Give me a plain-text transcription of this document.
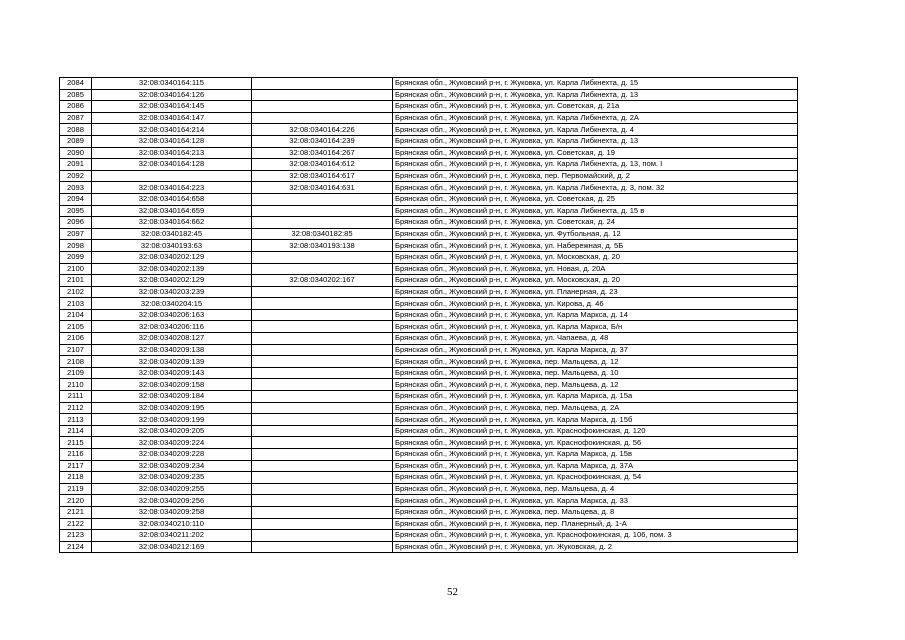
2084	32:08:0340164:115		Брянская обл., Жуковский р-н, г. Жуковка, ул. Карла Либкнехта, д. 15
2085	32:08:0340164:126		Брянская обл., Жуковский р-н, г. Жуковка, ул. Карла Либкнехта, д. 13
2086	32:08:0340164:145		Брянская обл., Жуковский р-н, г. Жуковка, ул. Советская, д. 21а
2087	32:08:0340164:147		Брянская обл., Жуковский р-н, г. Жуковка, ул. Карла Либкнехта, д. 2А
2088	32:08:0340164:214	32:08:0340164:226	Брянская обл., Жуковский р-н, г. Жуковка, ул. Карла Либкнехта, д. 4
2089	32:08:0340164:128	32:08:0340164:239	Брянская обл., Жуковский р-н, г. Жуковка, ул. Карла Либкнехта, д. 13
2090	32:08:0340164:213	32:08:0340164:267	Брянская обл., Жуковский р-н, г. Жуковка, ул. Советская, д. 19
2091	32:08:0340164:128	32:08:0340164:612	Брянская обл., Жуковский р-н, г. Жуковка, ул. Карла Либкнехта, д. 13, пом. I
2092		32:08:0340164:617	Брянская обл., Жуковский р-н, г. Жуковка, пер. Первомайский, д. 2
2093	32:08:0340164:223	32:08:0340164:631	Брянская обл., Жуковский р-н, г. Жуковка, ул. Карла Либкнехта, д. 3, пом. 32
2094	32:08:0340164:658		Брянская обл., Жуковский р-н, г. Жуковка, ул. Советская, д. 25
2095	32:08:0340164:659		Брянская обл., Жуковский р-н, г. Жуковка, ул. Карла Либкнехта, д. 15 в
2096	32:08:0340164:662		Брянская обл., Жуковский р-н, г. Жуковка, ул. Советская, д. 24
2097	32:08:0340182:45	32:08:0340182:85	Брянская обл., Жуковский р-н, г. Жуковка, ул. Футбольная, д. 12
2098	32:08:0340193:63	32:08:0340193:138	Брянская обл., Жуковский р-н, г. Жуковка, ул. Набережная, д. 5Б
2099	32:08:0340202:129		Брянская обл., Жуковский р-н, г. Жуковка, ул. Московская, д. 20
2100	32:08:0340202:139		Брянская обл., Жуковский р-н, г. Жуковка, ул. Новая, д. 20А
2101	32:08:0340202:129	32:08:0340202:167	Брянская обл., Жуковский р-н, г. Жуковка, ул. Московская, д. 20
2102	32:08:0340203:239		Брянская обл., Жуковский р-н, г. Жуковка, ул. Планерная, д. 23
2103	32:08:0340204:15		Брянская обл., Жуковский р-н, г. Жуковка, ул. Кирова, д. 46
2104	32:08:0340206:163		Брянская обл., Жуковский р-н, г. Жуковка, ул. Карла Маркса, д. 14
2105	32:08:0340206:116		Брянская обл., Жуковский р-н, г. Жуковка, ул. Карла Маркса, Б/н
2106	32:08:0340208:127		Брянская обл., Жуковский р-н, г. Жуковка, ул. Чапаева, д. 48
2107	32:08:0340209:138		Брянская обл., Жуковский р-н, г. Жуковка, ул. Карла Маркса, д. 37
2108	32:08:0340209:139		Брянская обл., Жуковский р-н, г. Жуковка, пер. Мальцева, д. 12
2109	32:08:0340209:143		Брянская обл., Жуковский р-н, г. Жуковка, пер. Мальцева, д. 10
2110	32:08:0340209:158		Брянская обл., Жуковский р-н, г. Жуковка, пер. Мальцева, д. 12
2111	32:08:0340209:184		Брянская обл., Жуковский р-н, г. Жуковка, ул. Карла Маркса, д. 15а
2112	32:08:0340209:195		Брянская обл., Жуковский р-н, г. Жуковка, пер. Мальцева, д. 2А
2113	32:08:0340209:199		Брянская обл., Жуковский р-н, г. Жуковка, ул. Карла Маркса, д. 15б
2114	32:08:0340209:205		Брянская обл., Жуковский р-н, г. Жуковка, ул. Краснофокинская, д. 120
2115	32:08:0340209:224		Брянская обл., Жуковский р-н, г. Жуковка, ул. Краснофокинская, д. 56
2116	32:08:0340209:228		Брянская обл., Жуковский р-н, г. Жуковка, ул. Карла Маркса, д. 15в
2117	32:08:0340209:234		Брянская обл., Жуковский р-н, г. Жуковка, ул. Карла Маркса, д. 37А
2118	32:08:0340209:235		Брянская обл., Жуковский р-н, г. Жуковка, ул. Краснофокинская, д. 54
2119	32:08:0340209:255		Брянская обл., Жуковский р-н, г. Жуковка, пер. Мальцева, д. 4
2120	32:08:0340209:256		Брянская обл., Жуковский р-н, г. Жуковка, ул. Карла Маркса, д. 33
2121	32:08:0340209:258		Брянская обл., Жуковский р-н, г. Жуковка, пер. Мальцева, д. 8
2122	32:08:0340210:110		Брянская обл., Жуковский р-н, г. Жуковка, пер. Планерный, д. 1-А
2123	32:08:0340211:202		Брянская обл., Жуковский р-н, г. Жуковка, ул. Краснофокинская, д. 106, пом. 3
2124	32:08:0340212:169		Брянская обл., Жуковский р-н, г. Жуковка, ул. Жуковская, д. 2
52
